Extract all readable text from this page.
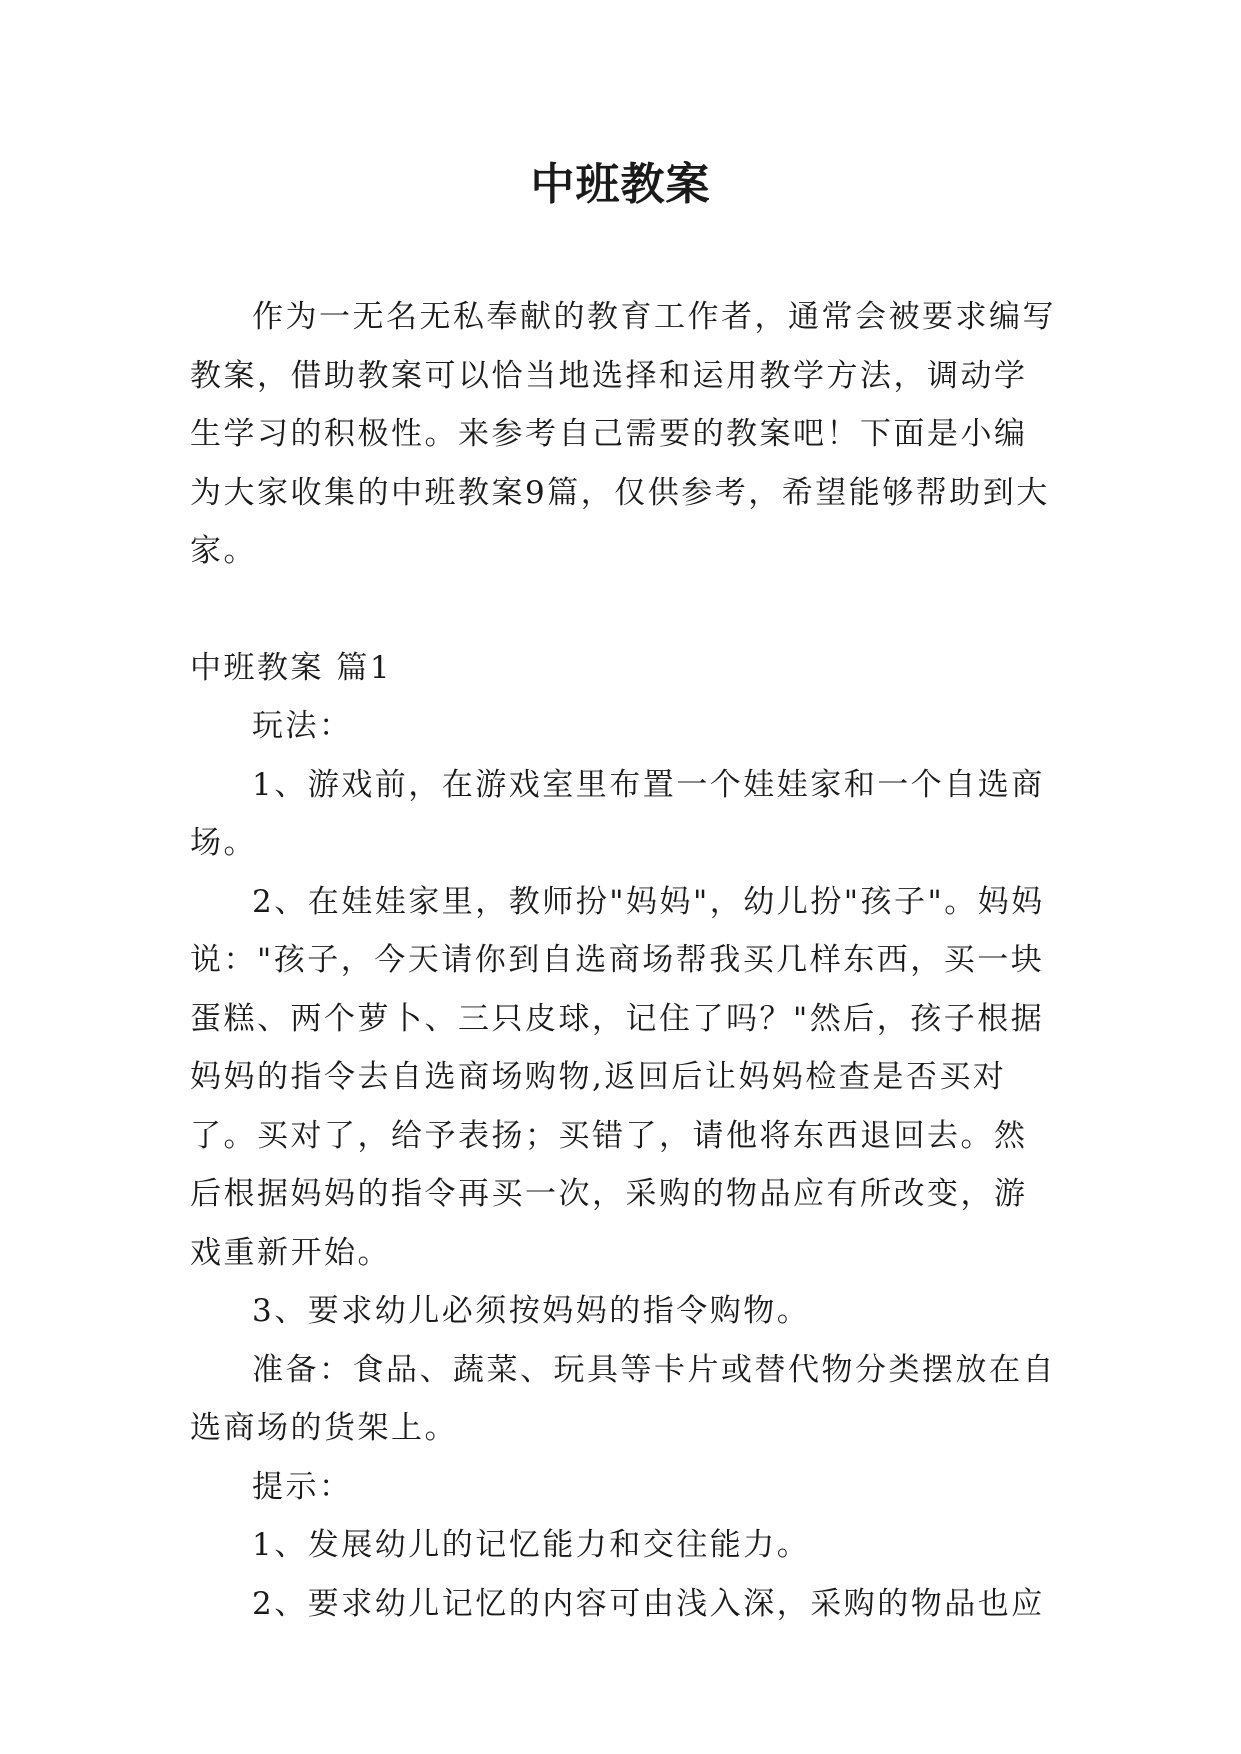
中班教案

作为一无名无私奉献的教育工作者，通常会被要求编写教案，借助教案可以恰当地选择和运用教学方法，调动学生学习的积极性。来参考自己需要的教案吧！下面是小编为大家收集的中班教案9篇，仅供参考，希望能够帮助到大家。

中班教案 篇1

玩法：

1、游戏前，在游戏室里布置一个娃娃家和一个自选商场。

2、在娃娃家里，教师扮"妈妈"，幼儿扮"孩子"。妈妈说："孩子，今天请你到自选商场帮我买几样东西，买一块蛋糕、两个萝卜、三只皮球，记住了吗？"然后，孩子根据妈妈的指令去自选商场购物,返回后让妈妈检查是否买对了。买对了，给予表扬；买错了，请他将东西退回去。然后根据妈妈的指令再买一次，采购的物品应有所改变，游戏重新开始。

3、要求幼儿必须按妈妈的指令购物。

准备：食品、蔬菜、玩具等卡片或替代物分类摆放在自选商场的货架上。

提示：

1、发展幼儿的记忆能力和交往能力。

2、要求幼儿记忆的内容可由浅入深，采购的物品也应
